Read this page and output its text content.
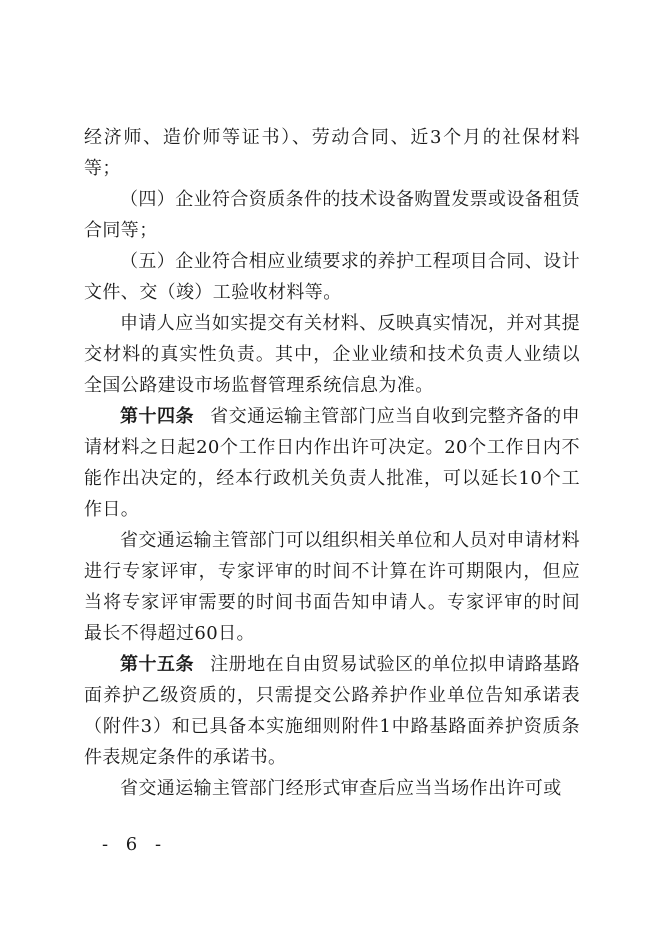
经济师、造价师等证书）、劳动合同、近3个月的社保材料等；

（四）企业符合资质条件的技术设备购置发票或设备租赁合同等；

（五）企业符合相应业绩要求的养护工程项目合同、设计文件、交（竣）工验收材料等。

申请人应当如实提交有关材料、反映真实情况，并对其提交材料的真实性负责。其中，企业业绩和技术负责人业绩以全国公路建设市场监督管理系统信息为准。

第十四条 省交通运输主管部门应当自收到完整齐备的申请材料之日起20个工作日内作出许可决定。20个工作日内不能作出决定的，经本行政机关负责人批准，可以延长10个工作日。

省交通运输主管部门可以组织相关单位和人员对申请材料进行专家评审，专家评审的时间不计算在许可期限内，但应当将专家评审需要的时间书面告知申请人。专家评审的时间最长不得超过60日。

第十五条 注册地在自由贸易试验区的单位拟申请路基路面养护乙级资质的，只需提交公路养护作业单位告知承诺表（附件3）和已具备本实施细则附件1中路基路面养护资质条件表规定条件的承诺书。

省交通运输主管部门经形式审查后应当当场作出许可或

- 6 -
